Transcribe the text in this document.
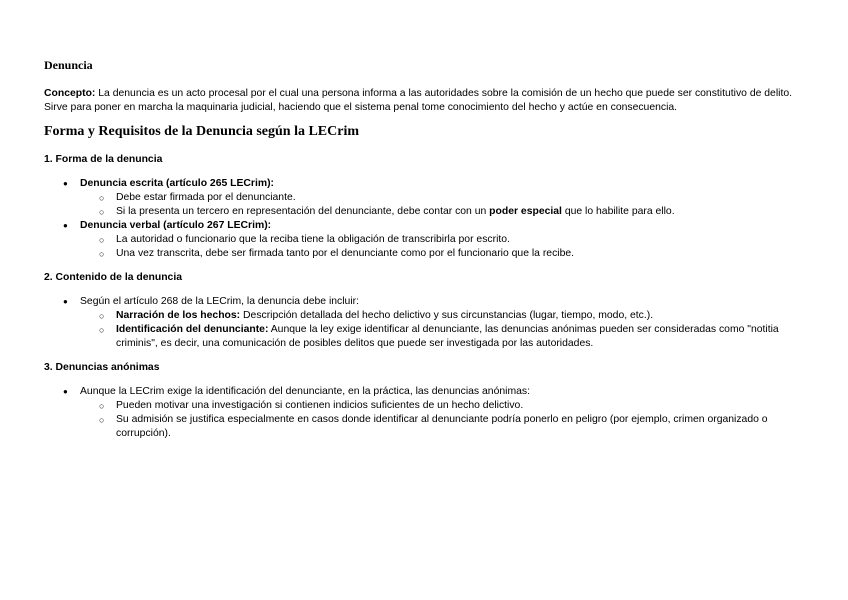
Denuncia

Concepto: La denuncia es un acto procesal por el cual una persona informa a las autoridades sobre la comisión de un hecho que puede ser constitutivo de delito. Sirve para poner en marcha la maquinaria judicial, haciendo que el sistema penal tome conocimiento del hecho y actúe en consecuencia.

Forma y Requisitos de la Denuncia según la LECrim
1. Forma de la denuncia
● Denuncia escrita (artículo 265 LECrim):
○ Debe estar firmada por el denunciante.
○ Si la presenta un tercero en representación del denunciante, debe contar con un poder especial que lo habilite para ello.
● Denuncia verbal (artículo 267 LECrim):
○ La autoridad o funcionario que la reciba tiene la obligación de transcribirla por escrito.
○ Una vez transcrita, debe ser firmada tanto por el denunciante como por el funcionario que la recibe.
2. Contenido de la denuncia
● Según el artículo 268 de la LECrim, la denuncia debe incluir:
○ Narración de los hechos: Descripción detallada del hecho delictivo y sus circunstancias (lugar, tiempo, modo, etc.).
○ Identificación del denunciante: Aunque la ley exige identificar al denunciante, las denuncias anónimas pueden ser consideradas como "notitia criminis", es decir, una comunicación de posibles delitos que puede ser investigada por las autoridades.
3. Denuncias anónimas
● Aunque la LECrim exige la identificación del denunciante, en la práctica, las denuncias anónimas:
○ Pueden motivar una investigación si contienen indicios suficientes de un hecho delictivo.
○ Su admisión se justifica especialmente en casos donde identificar al denunciante podría ponerlo en peligro (por ejemplo, crimen organizado o corrupción).
